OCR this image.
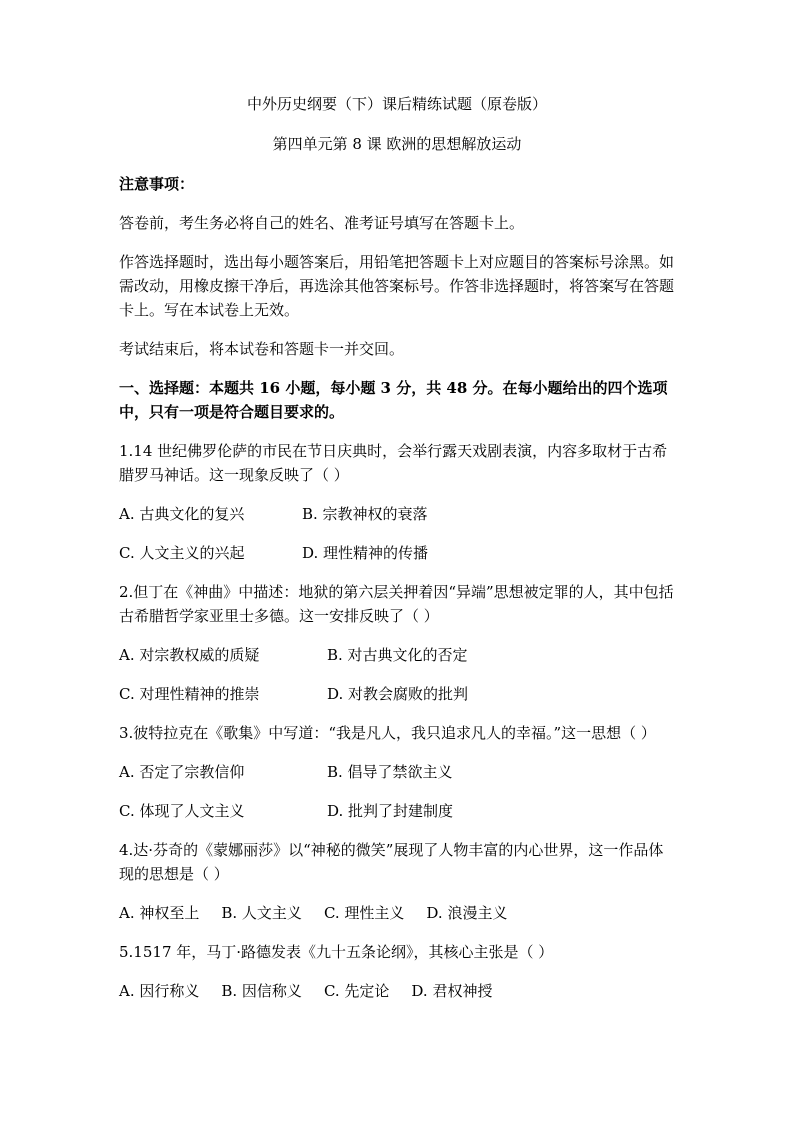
中外历史纲要（下）课后精练试题（原卷版）

第四单元第 8 课 欧洲的思想解放运动

注意事项：

答卷前，考生务必将自己的姓名、准考证号填写在答题卡上。

作答选择题时，选出每小题答案后，用铅笔把答题卡上对应题目的答案标号涂黑。如需改动，用橡皮擦干净后，再选涂其他答案标号。作答非选择题时，将答案写在答题卡上。写在本试卷上无效。

考试结束后，将本试卷和答题卡一并交回。

一、选择题：本题共 16 小题，每小题 3 分，共 48 分。在每小题给出的四个选项中，只有一项是符合题目要求的。

1.14 世纪佛罗伦萨的市民在节日庆典时，会举行露天戏剧表演，内容多取材于古希腊罗马神话。这一现象反映了（ ）

A. 古典文化的复兴	B. 宗教神权的衰落
C. 人文主义的兴起	D. 理性精神的传播

2.但丁在《神曲》中描述：地狱的第六层关押着因“异端”思想被定罪的人，其中包括古希腊哲学家亚里士多德。这一安排反映了（ ）

A. 对宗教权威的质疑	B. 对古典文化的否定
C. 对理性精神的推崇	D. 对教会腐败的批判

3.彼特拉克在《歌集》中写道：“我是凡人，我只追求凡人的幸福。”这一思想（ ）

A. 否定了宗教信仰	B. 倡导了禁欲主义
C. 体现了人文主义	D. 批判了封建制度

4.达·芬奇的《蒙娜丽莎》以“神秘的微笑”展现了人物丰富的内心世界，这一作品体现的思想是（ ）

A. 神权至上 B. 人文主义 C. 理性主义 D. 浪漫主义

5.1517 年，马丁·路德发表《九十五条论纲》，其核心主张是（ ）

A. 因行称义 B. 因信称义 C. 先定论 D. 君权神授
